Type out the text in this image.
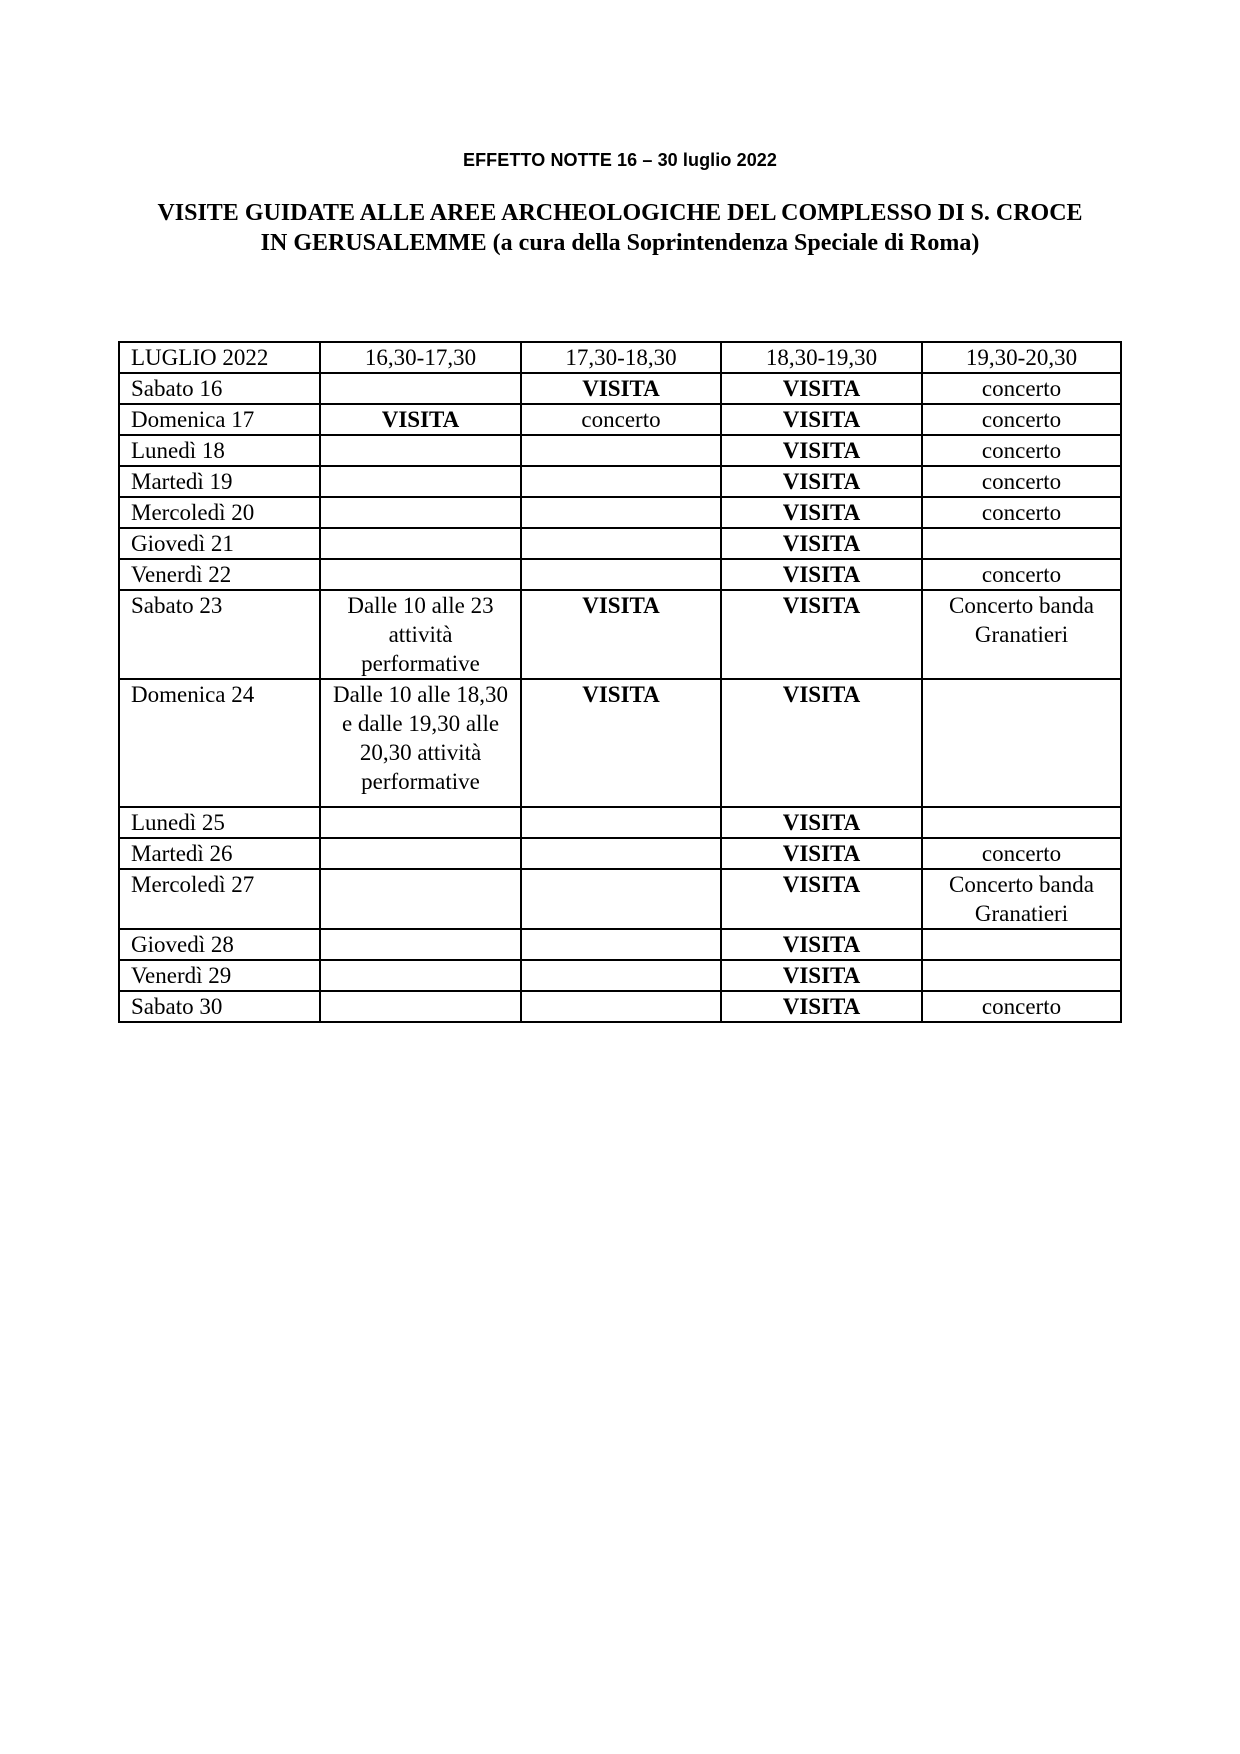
EFFETTO NOTTE 16 – 30 luglio 2022
VISITE GUIDATE ALLE AREE ARCHEOLOGICHE DEL COMPLESSO DI S. CROCE
IN GERUSALEMME (a cura della Soprintendenza Speciale di Roma)
LUGLIO 2022	16,30-17,30	17,30-18,30	18,30-19,30	19,30-20,30
Sabato 16		VISITA	VISITA	concerto
Domenica 17	VISITA	concerto	VISITA	concerto
Lunedì 18			VISITA	concerto
Martedì 19			VISITA	concerto
Mercoledì 20			VISITA	concerto
Giovedì 21			VISITA	
Venerdì 22			VISITA	concerto
Sabato 23	Dalle 10 alle 23 attività performative	VISITA	VISITA	Concerto banda Granatieri
Domenica 24	Dalle 10 alle 18,30 e dalle 19,30 alle 20,30 attività performative	VISITA	VISITA	
Lunedì 25			VISITA	
Martedì 26			VISITA	concerto
Mercoledì 27			VISITA	Concerto banda Granatieri
Giovedì 28			VISITA	
Venerdì 29			VISITA	
Sabato 30			VISITA	concerto
